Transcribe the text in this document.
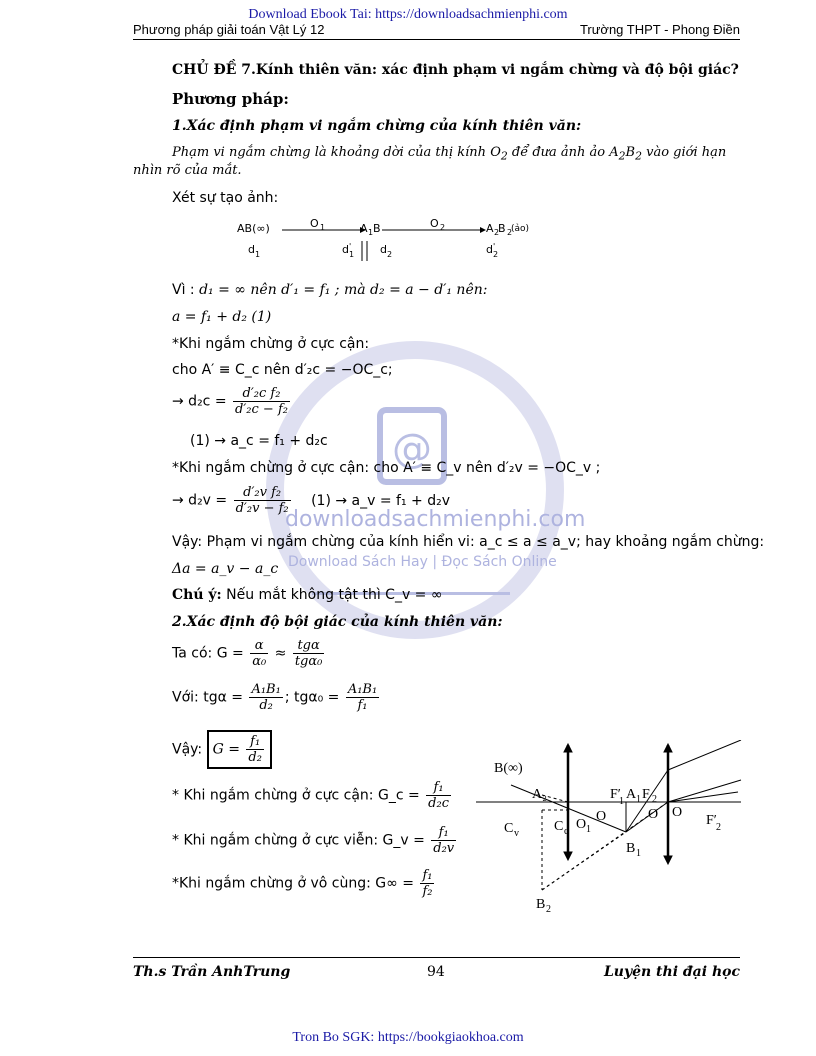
Download Ebook Tai: https://downloadsachmienphi.com
Phương pháp giải toán Vật Lý 12	Trường THPT - Phong Điền
@
downloadsachmienphi.com
Download Sách Hay | Đọc Sách Online
CHỦ ĐỀ 7.Kính thiên văn: xác định phạm vi ngắm chừng và độ bội giác?
Phương pháp:
1.Xác định phạm vi ngắm chừng của kính thiên văn:
Phạm vi ngắm chừng là khoảng dời của thị kính $O_2$ để đưa ảnh ảo $A_2B_2$ vào giới hạn
nhìn rõ của mắt.
Xét sự tạo ảnh:
AB(∞)	O 1	A 1 B	O 2	A 2
B 2
(ảo)
d 1	d '
1 d 2	d '
2
Vì : d₁ = ∞ nên d′₁ = f₁ ; mà d₂ = a − d′₁ nên:
a = f₁ + d₂ (1)
*Khi ngắm chừng ở cực cận:
cho A′ ≡ C_c nên d′₂c = −OC_c;
→ $d_2c = \frac{\text{d′₂c f₂}}{\text{d′₂c − f₂}}$
(1) → a_c = f₁ + d₂c
*Khi ngắm chừng ở cực cận: cho A′ ≡ C_v nên d′₂v = −OC_v ;
→ $d_2v = \frac{\text{d′₂v f₂}}{\text{d′₂v − f₂}} (1)$ → a_v = f₁ + d₂v
Vậy: Phạm vi ngắm chừng của kính hiển vi: a_c ≤ a ≤ a_v; hay khoảng ngắm chừng:
Δa = a_v − a_c
Chú ý: Nếu mắt không tật thì C_v = ∞
2.Xác định độ bội giác của kính thiên văn:
Ta có: $G = \frac{\alpha}{\text{α₀}} \approx \frac{\text{tgα}}{\text{tgα₀}}$
Với: $tg\alpha = \frac{\text{A₁B₁}}{\text{d₂}}$ ; $tg\alpha_0 = \frac{\text{A₁B₁}}{\text{f₁}}$
Vậy: $G = \frac{\text{f₁}}{\text{d₂}}$
* Khi ngắm chừng ở cực cận: G_c = $\frac{\text{f₁}}{\text{d₂c}}$
* Khi ngắm chừng ở cực viễn: G_v = $\frac{\text{f₁}}{\text{d₂v}}$
*Khi ngắm chừng ở vô cùng: $G\infty = \frac{\text{f₁}}{\text{f₂}}$
B(∞)
A₂
C v	C c O 1
O
F′
1 A 1 F 2
O O
F′ 2
B 1
B 2
Th.s Trần AnhTrung	94	Luyện thi đại học
Tron Bo SGK: https://bookgiaokhoa.com
